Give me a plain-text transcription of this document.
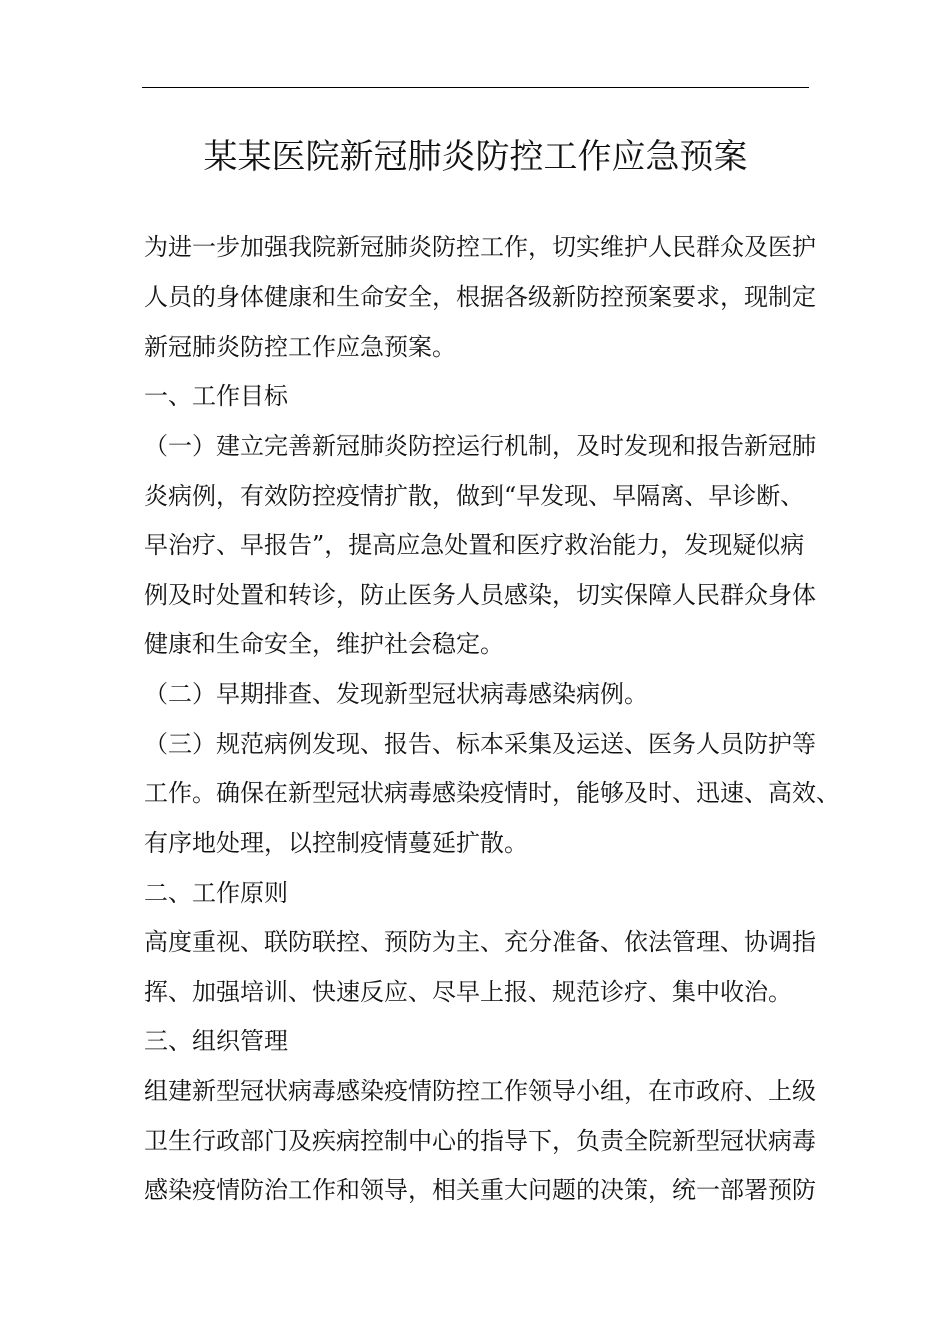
某某医院新冠肺炎防控工作应急预案

为进一步加强我院新冠肺炎防控工作，切实维护人民群众及医护

人员的身体健康和生命安全，根据各级新防控预案要求，现制定

新冠肺炎防控工作应急预案。

一、工作目标

（一）建立完善新冠肺炎防控运行机制，及时发现和报告新冠肺

炎病例，有效防控疫情扩散，做到“早发现、早隔离、早诊断、

早治疗、早报告”，提高应急处置和医疗救治能力，发现疑似病

例及时处置和转诊，防止医务人员感染，切实保障人民群众身体

健康和生命安全，维护社会稳定。

（二）早期排查、发现新型冠状病毒感染病例。

（三）规范病例发现、报告、标本采集及运送、医务人员防护等

工作。确保在新型冠状病毒感染疫情时，能够及时、迅速、高效、

有序地处理，以控制疫情蔓延扩散。

二、工作原则

高度重视、联防联控、预防为主、充分准备、依法管理、协调指

挥、加强培训、快速反应、尽早上报、规范诊疗、集中收治。

三、组织管理

组建新型冠状病毒感染疫情防控工作领导小组，在市政府、上级

卫生行政部门及疾病控制中心的指导下，负责全院新型冠状病毒

感染疫情防治工作和领导，相关重大问题的决策，统一部署预防
